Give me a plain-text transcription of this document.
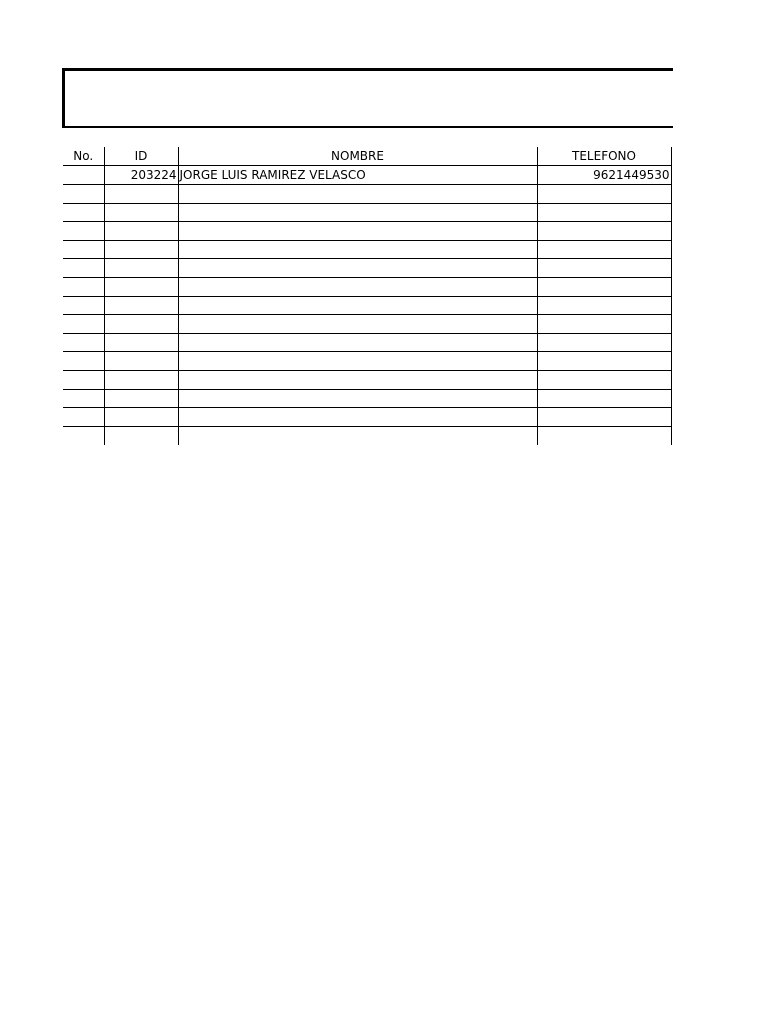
No.	ID	NOMBRE	TELEFONO
	203224	JORGE LUIS RAMIREZ VELASCO	9621449530
